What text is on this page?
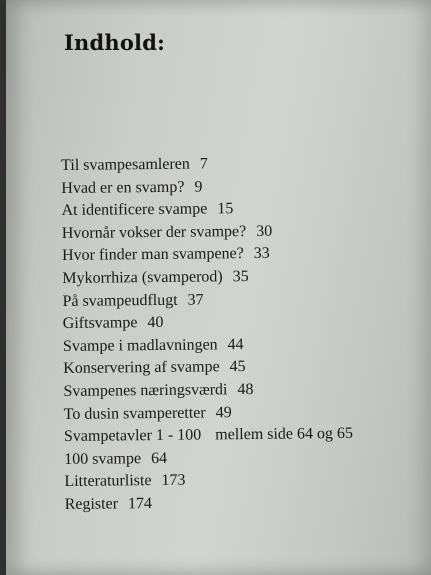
Indhold:
Til svampesamleren 7
Hvad er en svamp? 9
At identificere svampe 15
Hvornår vokser der svampe? 30
Hvor finder man svampene? 33
Mykorrhiza (svamperod) 35
På svampeudflugt 37
Giftsvampe 40
Svampe i madlavningen 44
Konservering af svampe 45
Svampenes næringsværdi 48
To dusin svamperetter 49
Svampetavler 1 - 100 mellem side 64 og 65
100 svampe 64
Litteraturliste 173
Register 174
